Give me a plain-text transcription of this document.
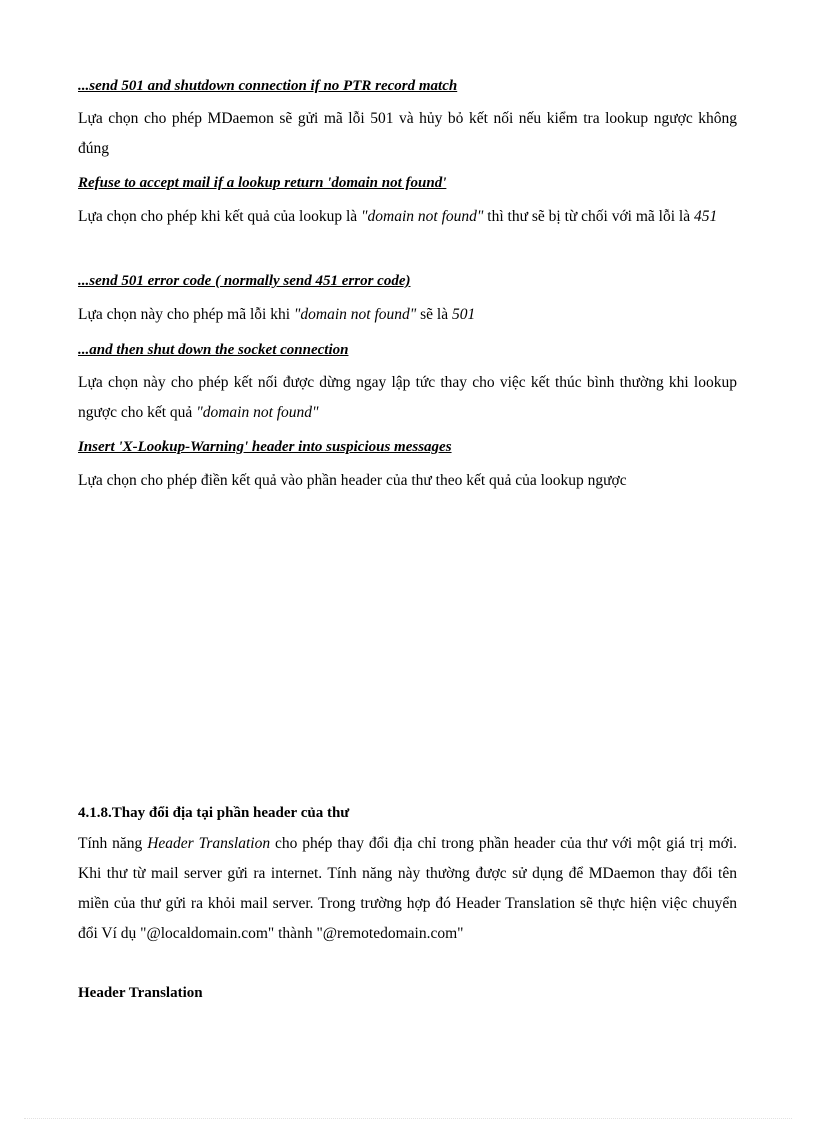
...send 501 and shutdown connection if no PTR record match

Lựa chọn cho phép MDaemon sẽ gửi mã lỗi 501 và hủy bỏ kết nối nếu kiểm tra lookup ngược không đúng

Refuse to accept mail if a lookup return 'domain not found'

Lựa chọn cho phép khi kết quả của lookup là "domain not found" thì thư sẽ bị từ chối với mã lỗi là 451

...send 501 error code ( normally send 451 error code)

Lựa chọn này cho phép mã lỗi khi "domain not found" sẽ là 501

...and then shut down the socket connection

Lựa chọn này cho phép kết nối được dừng ngay lập tức thay cho việc kết thúc bình thường khi lookup ngược cho kết quả "domain not found"

Insert 'X-Lookup-Warning' header into suspicious messages

Lựa chọn cho phép điền kết quả vào phần header của thư theo kết quả của lookup ngược

4.1.8.Thay đổi địa tại phần header của thư

Tính năng Header Translation cho phép thay đổi địa chỉ trong phần header của thư với một giá trị mới. Khi thư từ mail server gửi ra internet. Tính năng này thường được sử dụng để MDaemon thay đổi tên miền của thư gửi ra khỏi mail server. Trong trường hợp đó Header Translation sẽ thực hiện việc chuyển đổi Ví dụ "@localdomain.com" thành "@remotedomain.com"

Header Translation
